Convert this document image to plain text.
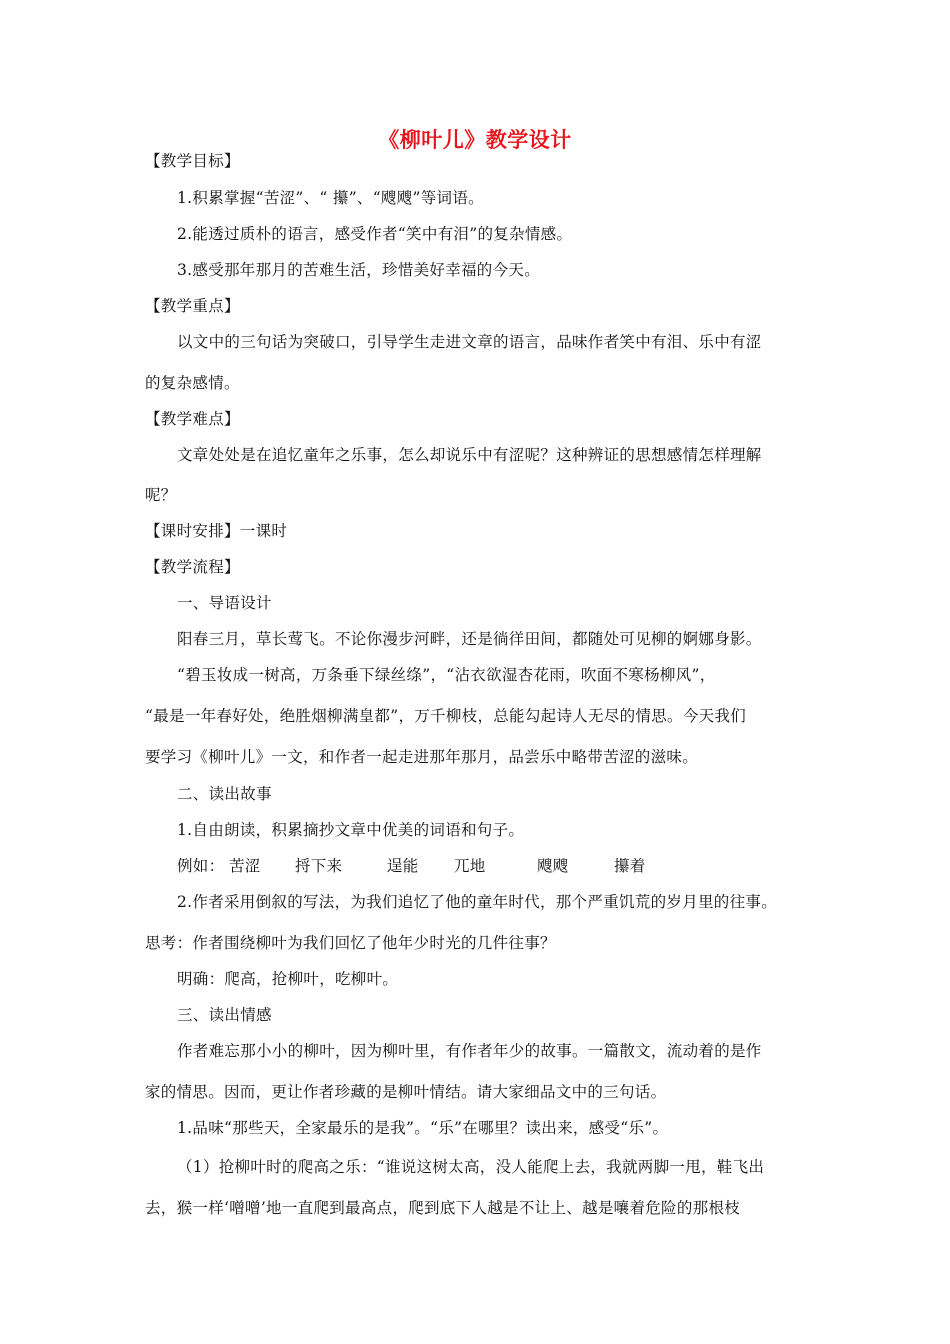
《柳叶儿》教学设计
【教学目标】
1.积累掌握“苦涩”、“ 攥”、“飕飕”等词语。
2.能透过质朴的语言，感受作者“笑中有泪”的复杂情感。
3.感受那年那月的苦难生活，珍惜美好幸福的今天。
【教学重点】
以文中的三句话为突破口，引导学生走进文章的语言，品味作者笑中有泪、乐中有涩
的复杂感情。
【教学难点】
文章处处是在追忆童年之乐事，怎么却说乐中有涩呢？这种辨证的思想感情怎样理解
呢？
【课时安排】一课时
【教学流程】
一、导语设计
阳春三月，草长莺飞。不论你漫步河畔，还是徜徉田间，都随处可见柳的婀娜身影。
“碧玉妆成一树高，万条垂下绿丝绦”，“沾衣欲湿杏花雨，吹面不寒杨柳风”，
“最是一年春好处，绝胜烟柳满皇都”，万千柳枝，总能勾起诗人无尽的情思。今天我们
要学习《柳叶儿》一文，和作者一起走进那年那月，品尝乐中略带苦涩的滋味。
二、读出故事
1.自由朗读，积累摘抄文章中优美的词语和句子。
例如： 苦涩 捋下来	逞能 兀地	飕飕	攥着
2.作者采用倒叙的写法，为我们追忆了他的童年时代，那个严重饥荒的岁月里的往事。
思考：作者围绕柳叶为我们回忆了他年少时光的几件往事？
明确：爬高，抢柳叶，吃柳叶。
三、读出情感
作者难忘那小小的柳叶，因为柳叶里，有作者年少的故事。一篇散文，流动着的是作
家的情思。因而，更让作者珍藏的是柳叶情结。请大家细品文中的三句话。
1.品味“那些天，全家最乐的是我”。“乐”在哪里？读出来，感受“乐”。
（1）抢柳叶时的爬高之乐：“谁说这树太高，没人能爬上去，我就两脚一甩，鞋飞出
去，猴一样‘噌噌’地一直爬到最高点，爬到底下人越是不让上、越是嚷着危险的那根枝
